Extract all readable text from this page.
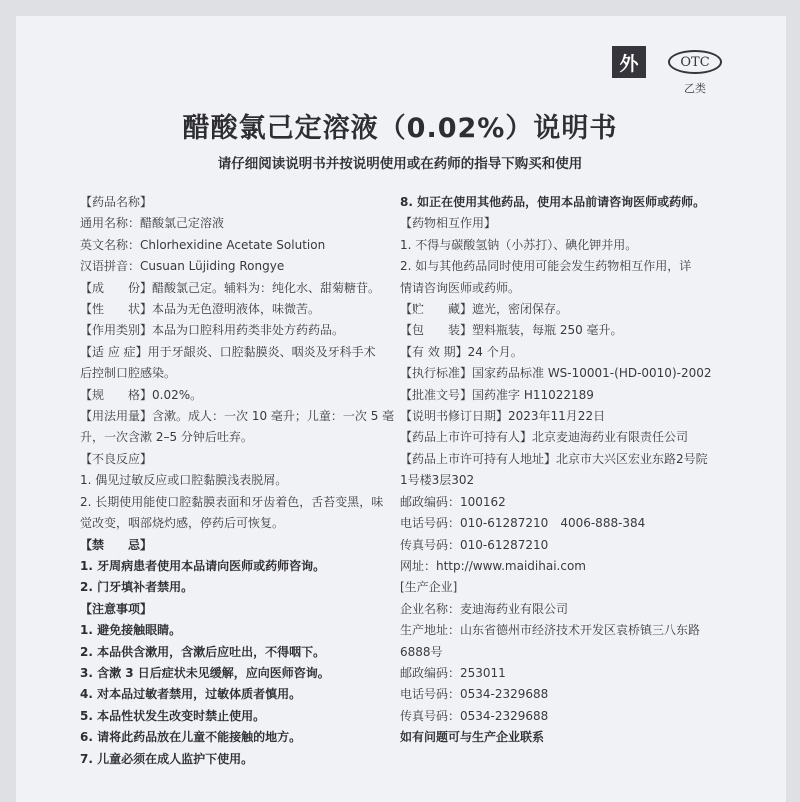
外	OTC
乙类
醋酸氯己定溶液（0.02%）说明书
请仔细阅读说明书并按说明使用或在药师的指导下购买和使用
【药品名称】
通用名称：醋酸氯己定溶液
英文名称：Chlorhexidine Acetate Solution
汉语拼音：Cusuan Lüjiding Rongye
【成　　份】醋酸氯己定。辅料为：纯化水、甜菊糖苷。
【性　　状】本品为无色澄明液体，味微苦。
【作用类别】本品为口腔科用药类非处方药药品。
【适 应 症】用于牙龈炎、口腔黏膜炎、咽炎及牙科手术
后控制口腔感染。
【规　　格】0.02%。
【用法用量】含漱。成人：一次 10 毫升；儿童：一次 5 毫
升，一次含漱 2–5 分钟后吐弃。
【不良反应】
1. 偶见过敏反应或口腔黏膜浅表脱屑。
2. 长期使用能使口腔黏膜表面和牙齿着色，舌苔变黑，味
觉改变，咽部烧灼感，停药后可恢复。
【禁　　忌】
1. 牙周病患者使用本品请向医师或药师咨询。
2. 门牙填补者禁用。
【注意事项】
1. 避免接触眼睛。
2. 本品供含漱用，含漱后应吐出，不得咽下。
3. 含漱 3 日后症状未见缓解，应向医师咨询。
4. 对本品过敏者禁用，过敏体质者慎用。
5. 本品性状发生改变时禁止使用。
6. 请将此药品放在儿童不能接触的地方。
7. 儿童必须在成人监护下使用。
8. 如正在使用其他药品，使用本品前请咨询医师或药师。
【药物相互作用】
1. 不得与碳酸氢钠（小苏打）、碘化钾并用。
2. 如与其他药品同时使用可能会发生药物相互作用，详
情请咨询医师或药师。
【贮　　藏】遮光，密闭保存。
【包　　装】塑料瓶装，每瓶 250 毫升。
【有 效 期】24 个月。
【执行标准】国家药品标准 WS-10001-(HD-0010)-2002
【批准文号】国药准字 H11022189
【说明书修订日期】2023年11月22日
【药品上市许可持有人】北京麦迪海药业有限责任公司
【药品上市许可持有人地址】北京市大兴区宏业东路2号院
1号楼3层302
邮政编码：100162
电话号码：010-61287210　4006-888-384
传真号码：010-61287210
网址：http://www.maidihai.com
[生产企业]
企业名称：麦迪海药业有限公司
生产地址：山东省德州市经济技术开发区袁桥镇三八东路
6888号
邮政编码：253011
电话号码：0534-2329688
传真号码：0534-2329688
如有问题可与生产企业联系
